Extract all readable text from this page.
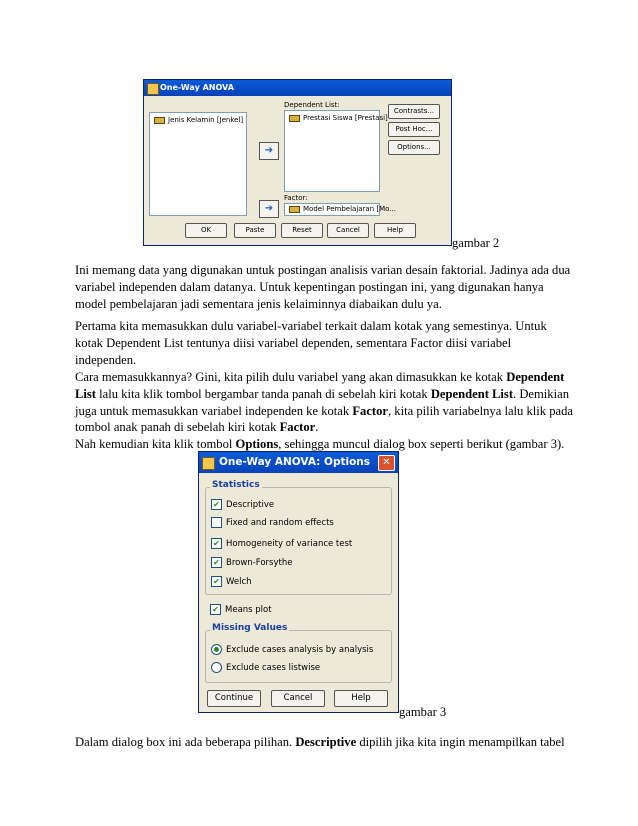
One-Way ANOVA
Jenis Kelamin [Jenkel]
➔
➔
Dependent List:
Prestasi Siswa [Prestasi]
Factor:
Model Pembelajaran [Mo...
Contrasts...
Post Hoc...
Options...
OK	Paste	Reset	Cancel	Help
gambar 2
Ini memang data yang digunakan untuk postingan analisis varian desain faktorial. Jadinya ada dua variabel independen dalam datanya. Untuk kepentingan postingan ini, yang digunakan hanya model pembelajaran jadi sementara jenis kelaiminnya diabaikan dulu ya.
Pertama kita memasukkan dulu variabel-variabel terkait dalam kotak yang semestinya. Untuk kotak Dependent List tentunya diisi variabel dependen, sementara Factor diisi variabel independen.
Cara memasukkannya? Gini, kita pilih dulu variabel yang akan dimasukkan ke kotak Dependent List lalu kita klik tombol bergambar tanda panah di sebelah kiri kotak Dependent List. Demikian juga untuk memasukkan variabel independen ke kotak Factor, kita pilih variabelnya lalu klik pada tombol anak panah di sebelah kiri kotak Factor.
Nah kemudian kita klik tombol Options, sehingga muncul dialog box seperti berikut (gambar 3).
One-Way ANOVA: Options	✕
Statistics
✔ Descriptive
Fixed and random effects
✔ Homogeneity of variance test
✔ Brown-Forsythe
✔ Welch
✔ Means plot
Missing Values
Exclude cases analysis by analysis
Exclude cases listwise
Continue	Cancel	Help
gambar 3
Dalam dialog box ini ada beberapa pilihan. Descriptive dipilih jika kita ingin menampilkan tabel
